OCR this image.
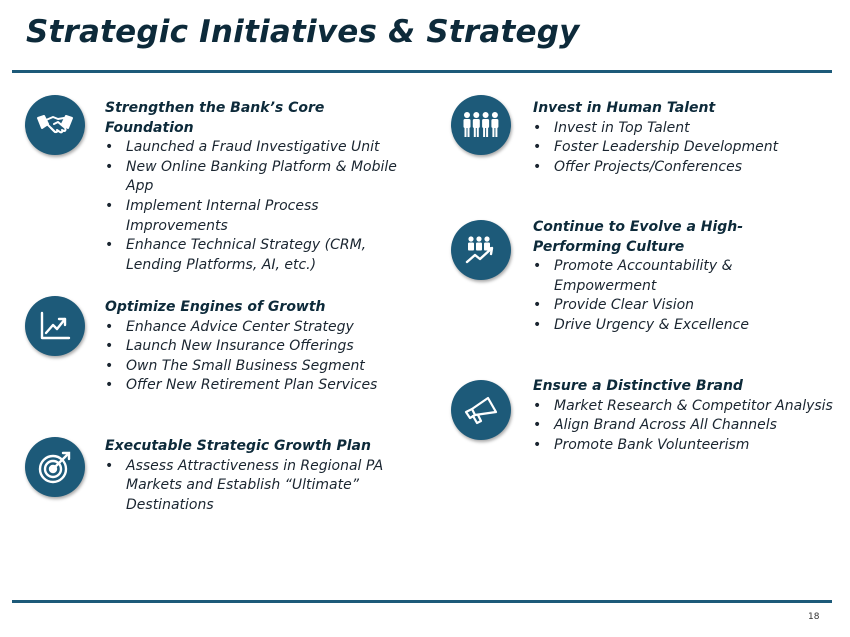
Strategic Initiatives & Strategy
Strengthen the Bank’s Core Foundation
• Launched a Fraud Investigative Unit
• New Online Banking Platform & Mobile App
• Implement Internal Process Improvements
• Enhance Technical Strategy (CRM, Lending Platforms, AI, etc.)
Optimize Engines of Growth
• Enhance Advice Center Strategy
• Launch New Insurance Offerings
• Own The Small Business Segment
• Offer New Retirement Plan Services
Executable Strategic Growth Plan
• Assess Attractiveness in Regional PA Markets and Establish “Ultimate” Destinations
Invest in Human Talent
• Invest in Top Talent
• Foster Leadership Development
• Offer Projects/Conferences
Continue to Evolve a High-Performing Culture
• Promote Accountability & Empowerment
• Provide Clear Vision
• Drive Urgency & Excellence
Ensure a Distinctive Brand
• Market Research & Competitor Analysis
• Align Brand Across All Channels
• Promote Bank Volunteerism
18
